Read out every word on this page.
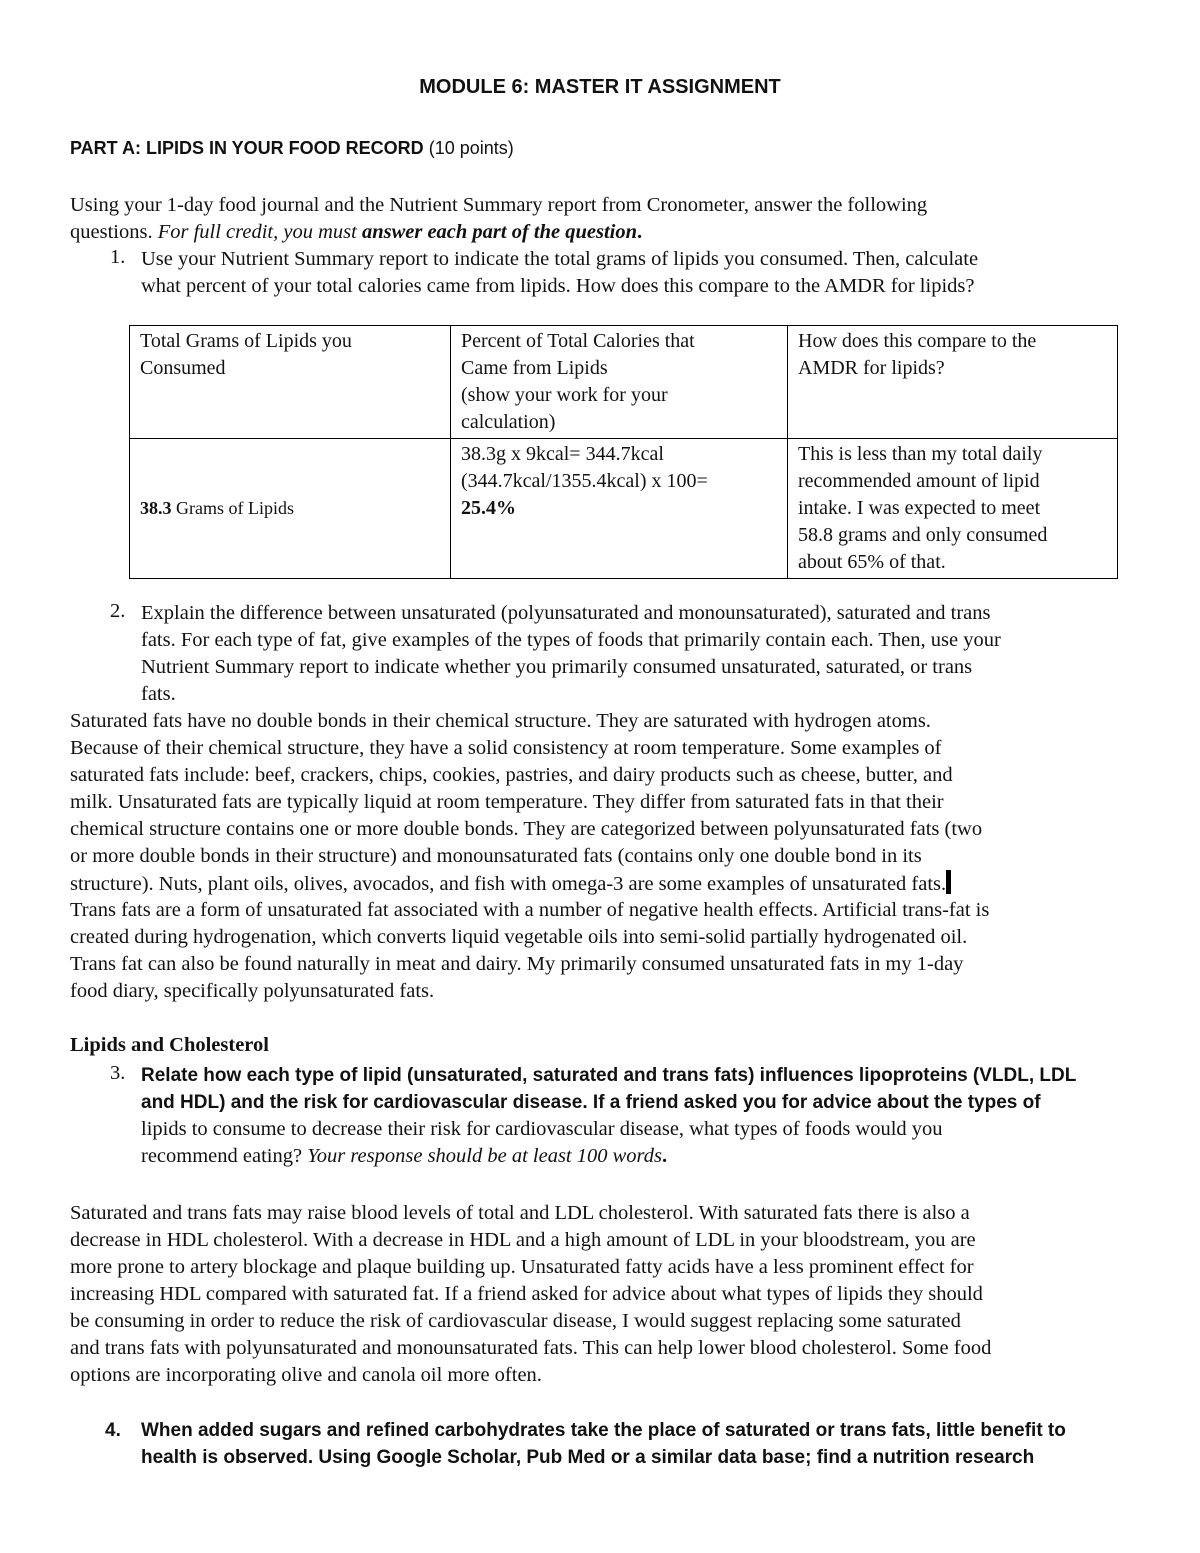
MODULE 6: MASTER IT ASSIGNMENT
PART A: LIPIDS IN YOUR FOOD RECORD (10 points)
Using your 1-day food journal and the Nutrient Summary report from Cronometer, answer the following
questions. For full credit, you must answer each part of the question.
1. Use your Nutrient Summary report to indicate the total grams of lipids you consumed. Then, calculate
what percent of your total calories came from lipids. How does this compare to the AMDR for lipids?
Total Grams of Lipids you
Consumed	Percent of Total Calories that
Came from Lipids
(show your work for your
calculation)	How does this compare to the
AMDR for lipids?

38.3 Grams of Lipids	38.3g x 9kcal= 344.7kcal
(344.7kcal/1355.4kcal) x 100=
25.4%	This is less than my total daily
recommended amount of lipid
intake. I was expected to meet
58.8 grams and only consumed
about 65% of that.
2. Explain the difference between unsaturated (polyunsaturated and monounsaturated), saturated and trans
fats. For each type of fat, give examples of the types of foods that primarily contain each. Then, use your
Nutrient Summary report to indicate whether you primarily consumed unsaturated, saturated, or trans
fats.
Saturated fats have no double bonds in their chemical structure. They are saturated with hydrogen atoms.
Because of their chemical structure, they have a solid consistency at room temperature. Some examples of
saturated fats include: beef, crackers, chips, cookies, pastries, and dairy products such as cheese, butter, and
milk. Unsaturated fats are typically liquid at room temperature. They differ from saturated fats in that their
chemical structure contains one or more double bonds. They are categorized between polyunsaturated fats (two
or more double bonds in their structure) and monounsaturated fats (contains only one double bond in its
structure). Nuts, plant oils, olives, avocados, and fish with omega-3 are some examples of unsaturated fats.
Trans fats are a form of unsaturated fat associated with a number of negative health effects. Artificial trans-fat is
created during hydrogenation, which converts liquid vegetable oils into semi-solid partially hydrogenated oil.
Trans fat can also be found naturally in meat and dairy. My primarily consumed unsaturated fats in my 1-day
food diary, specifically polyunsaturated fats.
Lipids and Cholesterol
3. Relate how each type of lipid (unsaturated, saturated and trans fats) influences lipoproteins (VLDL, LDL
and HDL) and the risk for cardiovascular disease. If a friend asked you for advice about the types of
lipids to consume to decrease their risk for cardiovascular disease, what types of foods would you
recommend eating? Your response should be at least 100 words.
Saturated and trans fats may raise blood levels of total and LDL cholesterol. With saturated fats there is also a
decrease in HDL cholesterol. With a decrease in HDL and a high amount of LDL in your bloodstream, you are
more prone to artery blockage and plaque building up. Unsaturated fatty acids have a less prominent effect for
increasing HDL compared with saturated fat. If a friend asked for advice about what types of lipids they should
be consuming in order to reduce the risk of cardiovascular disease, I would suggest replacing some saturated
and trans fats with polyunsaturated and monounsaturated fats. This can help lower blood cholesterol. Some food
options are incorporating olive and canola oil more often.
4. When added sugars and refined carbohydrates take the place of saturated or trans fats, little benefit to
health is observed. Using Google Scholar, Pub Med or a similar data base; find a nutrition research
